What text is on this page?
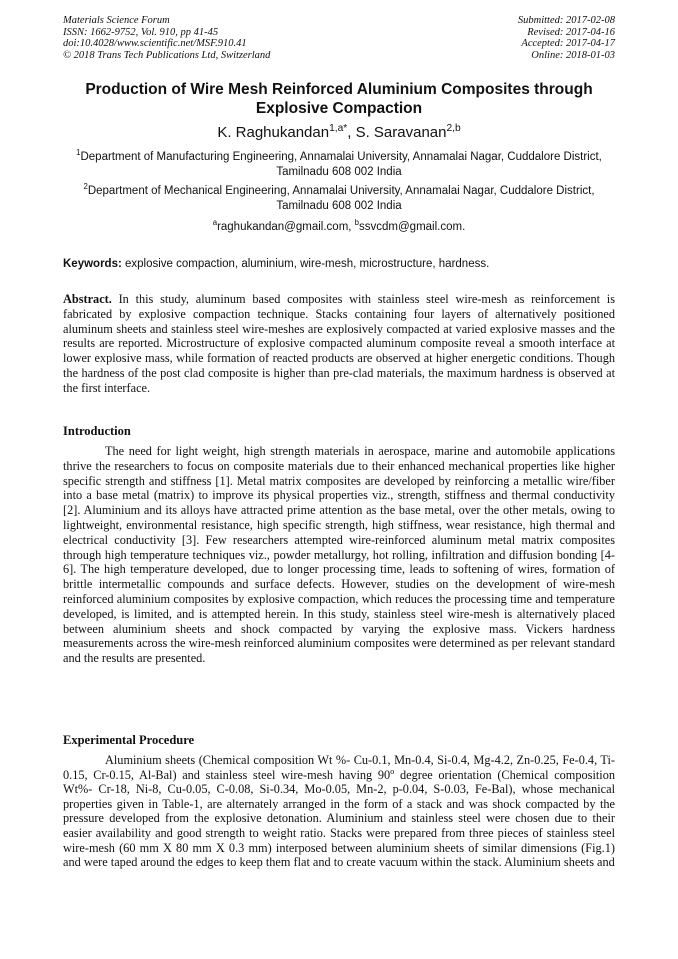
Materials Science Forum
ISSN: 1662-9752, Vol. 910, pp 41-45
doi:10.4028/www.scientific.net/MSF.910.41
© 2018 Trans Tech Publications Ltd, Switzerland
Submitted: 2017-02-08
Revised: 2017-04-16
Accepted: 2017-04-17
Online: 2018-01-03
Production of Wire Mesh Reinforced Aluminium Composites through Explosive Compaction
K. Raghukandan$^{1,a*}$, S. Saravanan$^{2,b}$
$^1$Department of Manufacturing Engineering, Annamalai University, Annamalai Nagar, Cuddalore District, Tamilnadu 608 002 India
$^2$Department of Mechanical Engineering, Annamalai University, Annamalai Nagar, Cuddalore District, Tamilnadu 608 002 India
$^a$raghukandan@gmail.com, $^b$ssvcdm@gmail.com.
Keywords: explosive compaction, aluminium, wire-mesh, microstructure, hardness.
Abstract. In this study, aluminum based composites with stainless steel wire-mesh as reinforcement is fabricated by explosive compaction technique. Stacks containing four layers of alternatively positioned aluminum sheets and stainless steel wire-meshes are explosively compacted at varied explosive masses and the results are reported. Microstructure of explosive compacted aluminum composite reveal a smooth interface at lower explosive mass, while formation of reacted products are observed at higher energetic conditions. Though the hardness of the post clad composite is higher than pre-clad materials, the maximum hardness is observed at the first interface.
Introduction
The need for light weight, high strength materials in aerospace, marine and automobile applications thrive the researchers to focus on composite materials due to their enhanced mechanical properties like higher specific strength and stiffness [1]. Metal matrix composites are developed by reinforcing a metallic wire/fiber into a base metal (matrix) to improve its physical properties viz., strength, stiffness and thermal conductivity [2]. Aluminium and its alloys have attracted prime attention as the base metal, over the other metals, owing to lightweight, environmental resistance, high specific strength, high stiffness, wear resistance, high thermal and electrical conductivity [3]. Few researchers attempted wire-reinforced aluminum metal matrix composites through high temperature techniques viz., powder metallurgy, hot rolling, infiltration and diffusion bonding [4-6]. The high temperature developed, due to longer processing time, leads to softening of wires, formation of brittle intermetallic compounds and surface defects. However, studies on the development of wire-mesh reinforced aluminium composites by explosive compaction, which reduces the processing time and temperature developed, is limited, and is attempted herein. In this study, stainless steel wire-mesh is alternatively placed between aluminium sheets and shock compacted by varying the explosive mass. Vickers hardness measurements across the wire-mesh reinforced aluminium composites were determined as per relevant standard and the results are presented.
Experimental Procedure
Aluminium sheets (Chemical composition Wt %- Cu-0.1, Mn-0.4, Si-0.4, Mg-4.2, Zn-0.25, Fe-0.4, Ti-0.15, Cr-0.15, Al-Bal) and stainless steel wire-mesh having 90$^o$ degree orientation (Chemical composition Wt%- Cr-18, Ni-8, Cu-0.05, C-0.08, Si-0.34, Mo-0.05, Mn-2, p-0.04, S-0.03, Fe-Bal), whose mechanical properties given in Table-1, are alternately arranged in the form of a stack and was shock compacted by the pressure developed from the explosive detonation. Aluminium and stainless steel were chosen due to their easier availability and good strength to weight ratio. Stacks were prepared from three pieces of stainless steel wire-mesh (60 mm X 80 mm X 0.3 mm) interposed between aluminium sheets of similar dimensions (Fig.1) and were taped around the edges to keep them flat and to create vacuum within the stack. Aluminium sheets and
